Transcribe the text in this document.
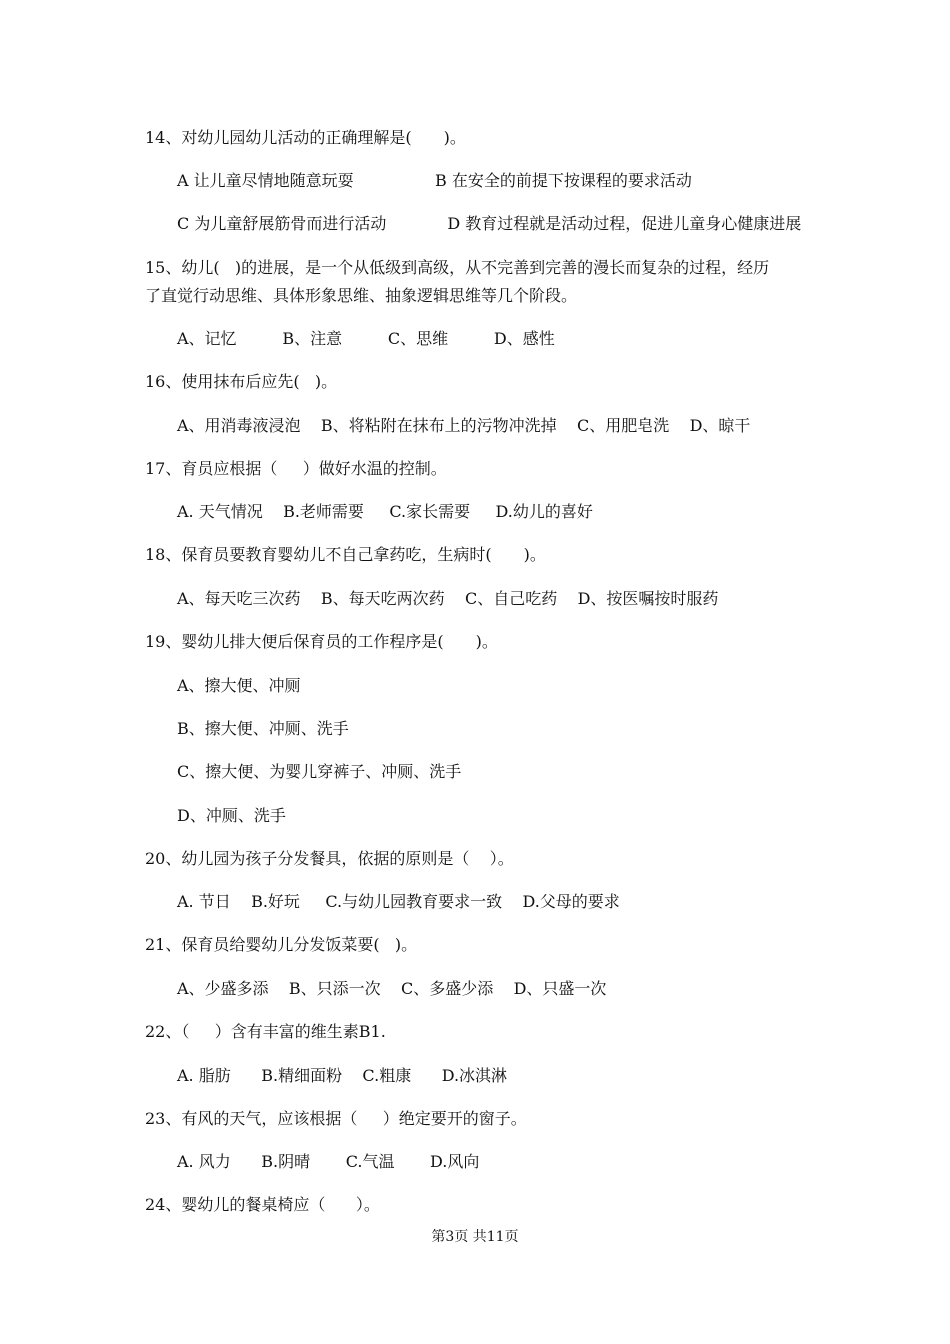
14、对幼儿园幼儿活动的正确理解是(　　)。
A 让儿童尽情地随意玩耍                B 在安全的前提下按课程的要求活动
C 为儿童舒展筋骨而进行活动            D 教育过程就是活动过程，促进儿童身心健康进展
15、幼儿(   )的进展，是一个从低级到高级，从不完善到完善的漫长而复杂的过程，经历
了直觉行动思维、具体形象思维、抽象逻辑思维等几个阶段。
A、记忆         B、注意         C、思维         D、感性
16、使用抹布后应先(   )。
A、用消毒液浸泡    B、将粘附在抹布上的污物冲洗掉    C、用肥皂洗    D、晾干
17、育员应根据（     ）做好水温的控制。
A. 天气情况    B.老师需要     C.家长需要     D.幼儿的喜好
18、保育员要教育婴幼儿不自己拿药吃，生病时(　　)。
A、每天吃三次药    B、每天吃两次药    C、自己吃药    D、按医嘱按时服药
19、婴幼儿排大便后保育员的工作程序是(　　)。
A、擦大便、冲厕
B、擦大便、冲厕、洗手
C、擦大便、为婴儿穿裤子、冲厕、洗手
D、冲厕、洗手
20、幼儿园为孩子分发餐具，依据的原则是（    ）。
A. 节日    B.好玩     C.与幼儿园教育要求一致    D.父母的要求
21、保育员给婴幼儿分发饭菜要(   )。
A、少盛多添    B、只添一次    C、多盛少添    D、只盛一次
22、（     ）含有丰富的维生素B1.
A. 脂肪      B.精细面粉    C.粗康      D.冰淇淋
23、有风的天气，应该根据（     ）绝定要开的窗子。
A. 风力      B.阴晴       C.气温       D.风向
24、婴幼儿的餐桌椅应（      ）。
第3页 共11页
